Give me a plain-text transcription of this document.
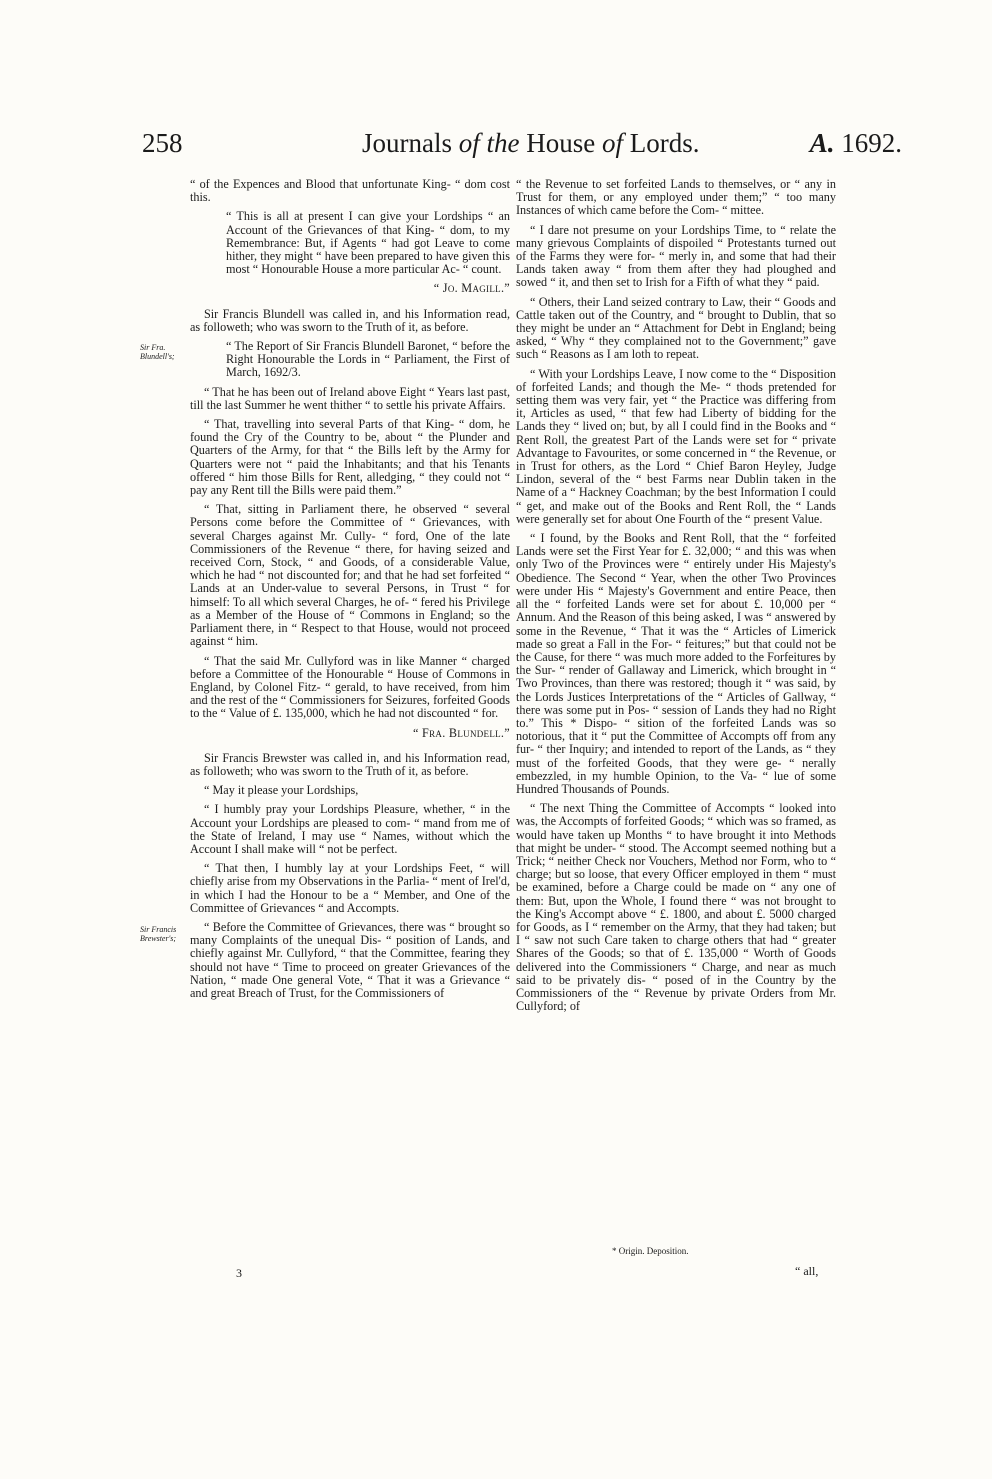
258	Journals of the House of Lords.	A. 1692.
Sir Fra. Blundell's;
Sir Francis Brewster's;

“ of the Expences and Blood that unfortunate King- “ dom cost this.

“ This is all at present I can give your Lordships “ an Account of the Grievances of that King- “ dom, to my Remembrance: But, if Agents “ had got Leave to come hither, they might “ have been prepared to have given this most “ Honourable House a more particular Ac- “ count.

“ Jo. Magill.”

Sir Francis Blundell was called in, and his Information read, as followeth; who was sworn to the Truth of it, as before.

“ The Report of Sir Francis Blundell Baronet, “ before the Right Honourable the Lords in “ Parliament, the First of March, 1692/3.

“ That he has been out of Ireland above Eight “ Years last past, till the last Summer he went thither “ to settle his private Affairs.

“ That, travelling into several Parts of that King- “ dom, he found the Cry of the Country to be, about “ the Plunder and Quarters of the Army, for that “ the Bills left by the Army for Quarters were not “ paid the Inhabitants; and that his Tenants offered “ him those Bills for Rent, alledging, “ they could not “ pay any Rent till the Bills were paid them.”

“ That, sitting in Parliament there, he observed “ several Persons come before the Committee of “ Grievances, with several Charges against Mr. Cully- “ ford, One of the late Commissioners of the Revenue “ there, for having seized and received Corn, Stock, “ and Goods, of a considerable Value, which he had “ not discounted for; and that he had set forfeited “ Lands at an Under-value to several Persons, in Trust “ for himself: To all which several Charges, he of- “ fered his Privilege as a Member of the House of “ Commons in England; so the Parliament there, in “ Respect to that House, would not proceed against “ him.

“ That the said Mr. Cullyford was in like Manner “ charged before a Committee of the Honourable “ House of Commons in England, by Colonel Fitz- “ gerald, to have received, from him and the rest of the “ Commissioners for Seizures, forfeited Goods to the “ Value of £. 135,000, which he had not discounted “ for.

“ Fra. Blundell.”

Sir Francis Brewster was called in, and his Information read, as followeth; who was sworn to the Truth of it, as before.

“ May it please your Lordships,

“ I humbly pray your Lordships Pleasure, whether, “ in the Account your Lordships are pleased to com- “ mand from me of the State of Ireland, I may use “ Names, without which the Account I shall make will “ not be perfect.

“ That then, I humbly lay at your Lordships Feet, “ will chiefly arise from my Observations in the Parlia- “ ment of Irel'd, in which I had the Honour to be a “ Member, and One of the Committee of Grievances “ and Accompts.

“ Before the Committee of Grievances, there was “ brought so many Complaints of the unequal Dis- “ position of Lands, and chiefly against Mr. Cullyford, “ that the Committee, fearing they should not have “ Time to proceed on greater Grievances of the Nation, “ made One general Vote, “ That it was a Grievance “ and great Breach of Trust, for the Commissioners of

“ the Revenue to set forfeited Lands to themselves, or “ any in Trust for them, or any employed under them;” “ too many Instances of which came before the Com- “ mittee.

“ I dare not presume on your Lordships Time, to “ relate the many grievous Complaints of dispoiled “ Protestants turned out of the Farms they were for- “ merly in, and some that had their Lands taken away “ from them after they had ploughed and sowed “ it, and then set to Irish for a Fifth of what they “ paid.

“ Others, their Land seized contrary to Law, their “ Goods and Cattle taken out of the Country, and “ brought to Dublin, that so they might be under an “ Attachment for Debt in England; being asked, “ Why “ they complained not to the Government;” gave such “ Reasons as I am loth to repeat.

“ With your Lordships Leave, I now come to the “ Disposition of forfeited Lands; and though the Me- “ thods pretended for setting them was very fair, yet “ the Practice was differing from it, Articles as used, “ that few had Liberty of bidding for the Lands they “ lived on; but, by all I could find in the Books and “ Rent Roll, the greatest Part of the Lands were set for “ private Advantage to Favourites, or some concerned in “ the Revenue, or in Trust for others, as the Lord “ Chief Baron Heyley, Judge Lindon, several of the “ best Farms near Dublin taken in the Name of a “ Hackney Coachman; by the best Information I could “ get, and make out of the Books and Rent Roll, the “ Lands were generally set for about One Fourth of the “ present Value.

“ I found, by the Books and Rent Roll, that the “ forfeited Lands were set the First Year for £. 32,000; “ and this was when only Two of the Provinces were “ entirely under His Majesty's Obedience. The Second “ Year, when the other Two Provinces were under His “ Majesty's Government and entire Peace, then all the “ forfeited Lands were set for about £. 10,000 per “ Annum. And the Reason of this being asked, I was “ answered by some in the Revenue, “ That it was the “ Articles of Limerick made so great a Fall in the For- “ feitures;” but that could not be the Cause, for there “ was much more added to the Forfeitures by the Sur- “ render of Gallaway and Limerick, which brought in “ Two Provinces, than there was restored; though it “ was said, by the Lords Justices Interpretations of the “ Articles of Gallway, “ there was some put in Pos- “ session of Lands they had no Right to.” This * Dispo- “ sition of the forfeited Lands was so notorious, that it “ put the Committee of Accompts off from any fur- “ ther Inquiry; and intended to report of the Lands, as “ they must of the forfeited Goods, that they were ge- “ nerally embezzled, in my humble Opinion, to the Va- “ lue of some Hundred Thousands of Pounds.

“ The next Thing the Committee of Accompts “ looked into was, the Accompts of forfeited Goods; “ which was so framed, as would have taken up Months “ to have brought it into Methods that might be under- “ stood. The Accompt seemed nothing but a Trick; “ neither Check nor Vouchers, Method nor Form, who to “ charge; but so loose, that every Officer employed in them “ must be examined, before a Charge could be made on “ any one of them: But, upon the Whole, I found there “ was not brought to the King's Accompt above “ £. 1800, and about £. 5000 charged for Goods, as I “ remember on the Army, that they had taken; but I “ saw not such Care taken to charge others that had “ greater Shares of the Goods; so that of £. 135,000 “ Worth of Goods delivered into the Commissioners “ Charge, and near as much said to be privately dis- “ posed of in the Country by the Commissioners of the “ Revenue by private Orders from Mr. Cullyford; of

3
* Origin. Deposition.
“ all,
